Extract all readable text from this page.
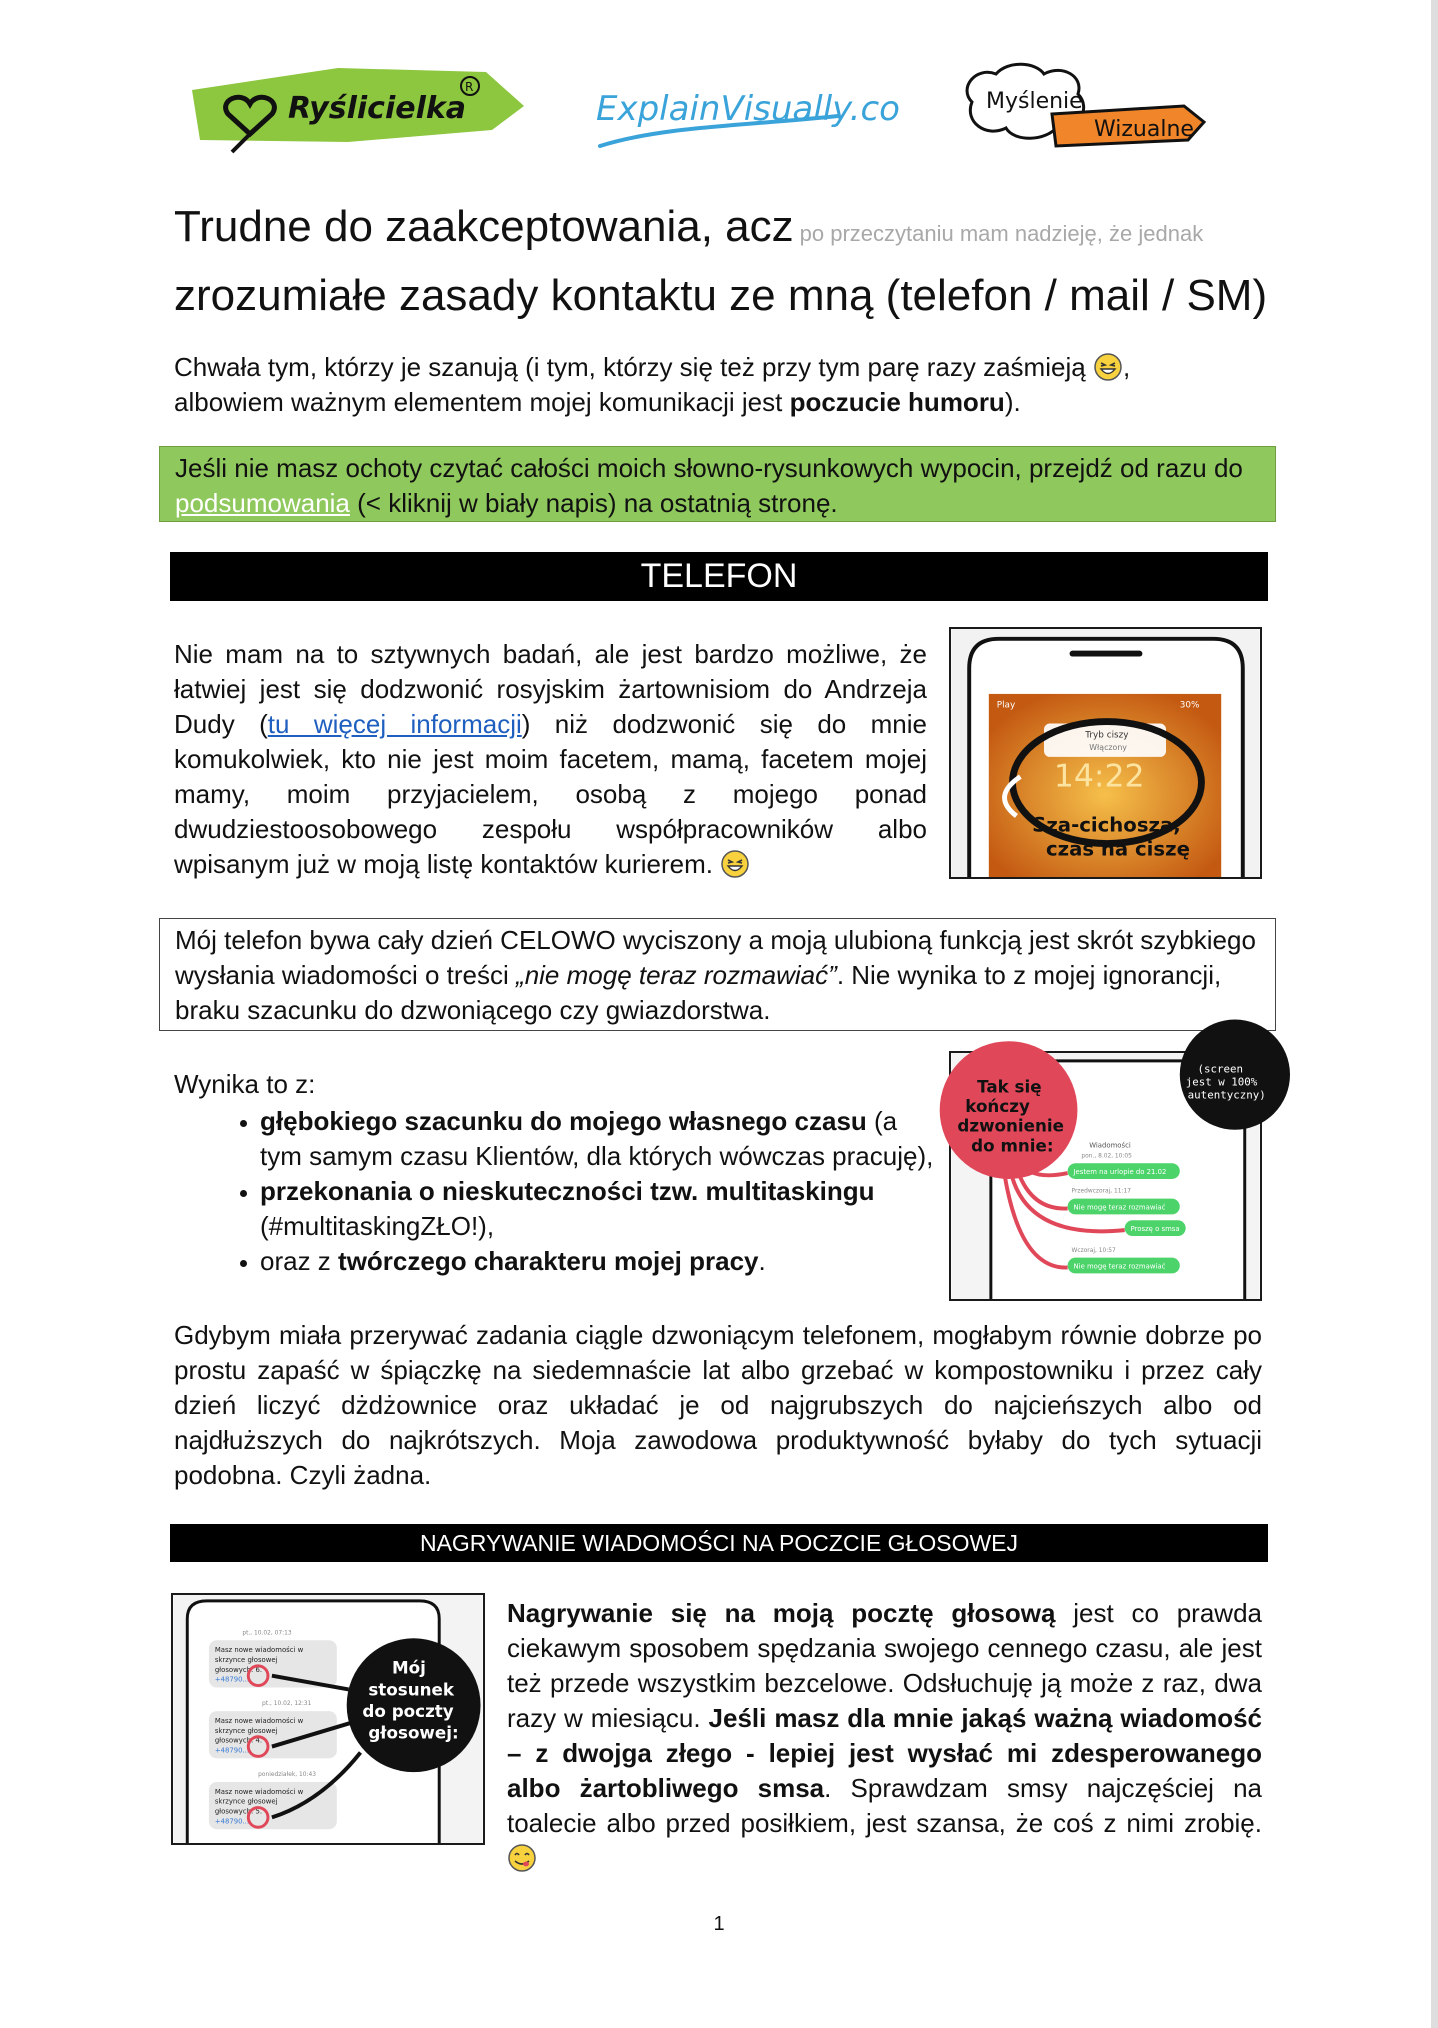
Ryślicielka
R
ExplainVisually.co	Myślenie
Wizualne
Trudne do zaakceptowania, acz po przeczytaniu mam nadzieję, że jednak
zrozumiałe zasady kontaktu ze mną (telefon / mail / SM)
Chwała tym, którzy je szanują (i tym, którzy się też przy tym parę razy zaśmieją ,
albowiem ważnym elementem mojej komunikacji jest poczucie humoru).
Jeśli nie masz ochoty czytać całości moich słowno-rysunkowych wypocin, przejdź od razu do
podsumowania (< kliknij w biały napis) na ostatnią stronę.
TELEFON
Nie mam na to sztywnych badań, ale jest bardzo możliwe, że łatwiej jest się dodzwonić rosyjskim żartownisiom do Andrzeja Dudy (tu więcej informacji) niż dodzwonić się do mnie komukolwiek, kto nie jest moim facetem, mamą, facetem mojej mamy, moim przyjacielem, osobą z mojego ponad dwudziestoosobowego zespołu współpracowników albo wpisanym już w moją listę kontaktów kurierem.
Play	30%
Tryb ciszy
Włączony
14:22
Sza-cichosza,
czas na ciszę
Mój telefon bywa cały dzień CELOWO wyciszony a moją ulubioną funkcją jest skrót szybkiego wysłania wiadomości o treści „nie mogę teraz rozmawiać”. Nie wynika to z mojej ignorancji, braku szacunku do dzwoniącego czy gwiazdorstwa.
Wynika to z:
• głębokiego szacunku do mojego własnego czasu (a tym samym czasu Klientów, dla których wówczas pracuję),
• przekonania o nieskuteczności tzw. multitaskingu (#multitaskingZŁO!),
• oraz z twórczego charakteru mojej pracy.
Tak się
kończy
dzwonienie
do mnie:
(screen
jest w 100%
autentyczny)
Wiadomości
pon., 8.02, 10:05
Jestem na urlopie do 21.02
Przedwczoraj, 11:17
Nie mogę teraz rozmawiać
Proszę o smsa
Wczoraj, 10:57
Nie mogę teraz rozmawiać
Gdybym miała przerywać zadania ciągle dzwoniącym telefonem, mogłabym równie dobrze po prostu zapaść w śpiączkę na siedemnaście lat albo grzebać w kompostowniku i przez cały dzień liczyć dżdżownice oraz układać je od najgrubszych do najcieńszych albo od najdłuższych do najkrótszych. Moja zawodowa produktywność byłaby do tych sytuacji podobna. Czyli żadna.
NAGRYWANIE WIADOMOŚCI NA POCZCIE GŁOSOWEJ
pt., 10.02, 07:13
Masz nowe wiadomości w
skrzynce głosowej
głosowych: 6.
+48790...
pt., 10.02, 12:31
Masz nowe wiadomości w
skrzynce głosowej
głosowych: 4.
+48790...
poniedziałek, 10:43
Masz nowe wiadomości w
skrzynce głosowej
głosowych: 5.
+48790...
Mój
stosunek
do poczty
głosowej:
Nagrywanie się na moją pocztę głosową jest co prawda ciekawym sposobem spędzania swojego cennego czasu, ale jest też przede wszystkim bezcelowe. Odsłuchuję ją może z raz, dwa razy w miesiącu. Jeśli masz dla mnie jakąś ważną wiadomość – z dwojga złego - lepiej jest wysłać mi zdesperowanego albo żartobliwego smsa. Sprawdzam smsy najczęściej na toalecie albo przed posiłkiem, jest szansa, że coś z nimi zrobię.
1
